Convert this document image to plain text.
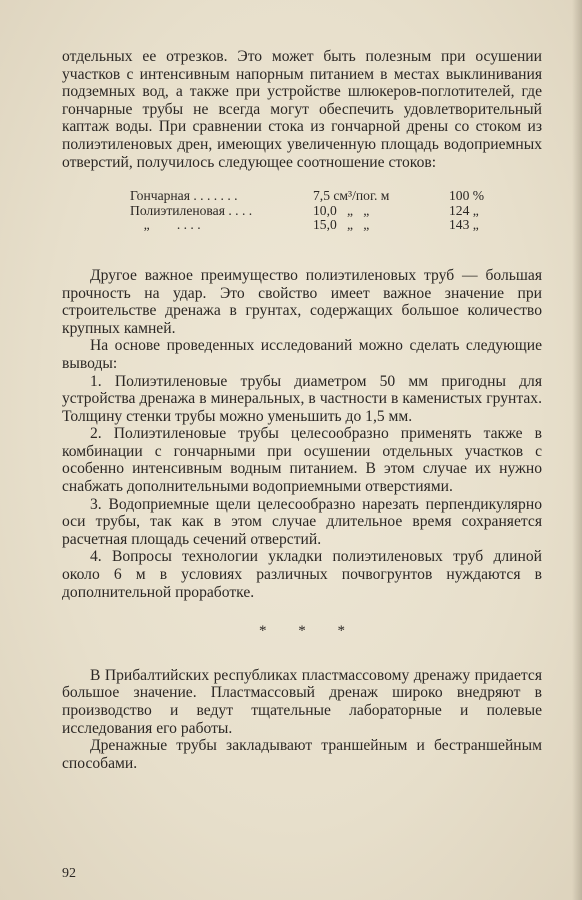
отдельных ее отрезков. Это может быть полезным при осушении участков с интенсивным напорным питанием в местах выклинивания подземных вод, а также при устройстве шлюкеров-поглотителей, где гончарные трубы не всегда могут обеспечить удовлетворительный каптаж воды. При сравнении стока из гончарной дрены со стоком из полиэтиленовых дрен, имеющих увеличенную площадь водоприемных отверстий, получилось следующее соотношение стоков:

Гончарная . . . . . . .	7,5 см³/пог. м	100 %
Полиэтиленовая . . . .	10,0   „   „	124 „
„        . . . .	15,0   „   „	143 „

Другое важное преимущество полиэтиленовых труб — большая прочность на удар. Это свойство имеет важное значение при строительстве дренажа в грунтах, содержащих большое количество крупных камней.

На основе проведенных исследований можно сделать следующие выводы:

1. Полиэтиленовые трубы диаметром 50 мм пригодны для устройства дренажа в минеральных, в частности в каменистых грунтах. Толщину стенки трубы можно уменьшить до 1,5 мм.

2. Полиэтиленовые трубы целесообразно применять также в комбинации с гончарными при осушении отдельных участков с особенно интенсивным водным питанием. В этом случае их нужно снабжать дополнительными водоприемными отверстиями.

3. Водоприемные щели целесообразно нарезать перпендикулярно оси трубы, так как в этом случае длительное время сохраняется расчетная площадь сечений отверстий.

4. Вопросы технологии укладки полиэтиленовых труб длиной около 6 м в условиях различных почвогрунтов нуждаются в дополнительной проработке.

* * *

В Прибалтийских республиках пластмассовому дренажу придается большое значение. Пластмассовый дренаж широко внедряют в производство и ведут тщательные лабораторные и полевые исследования его работы.

Дренажные трубы закладывают траншейным и бестраншейным способами.

92
